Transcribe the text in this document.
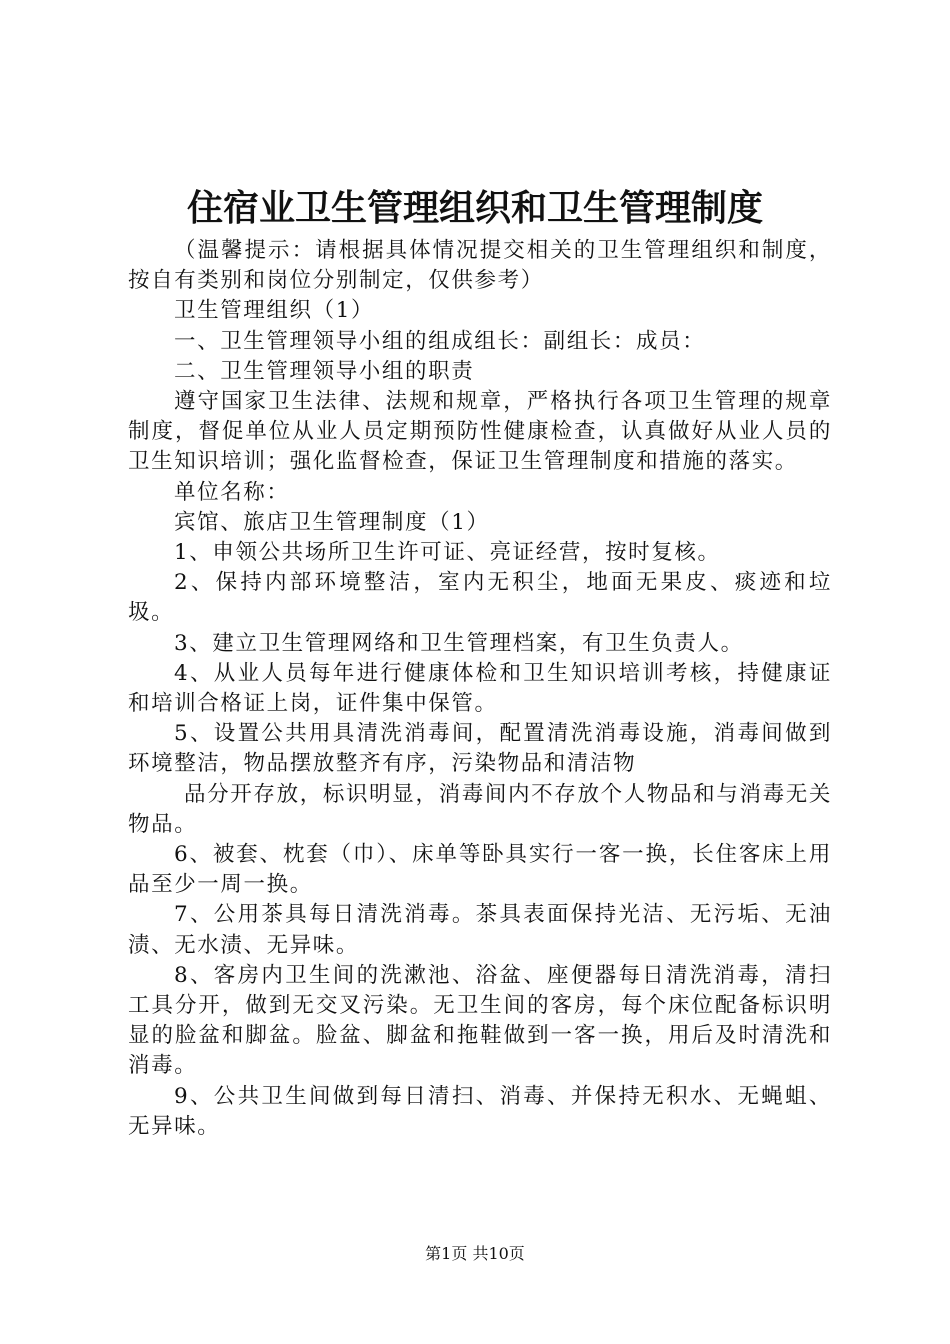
住宿业卫生管理组织和卫生管理制度

（温馨提示：请根据具体情况提交相关的卫生管理组织和制度，按自有类别和岗位分别制定，仅供参考）

卫生管理组织（1）

一、卫生管理领导小组的组成组长：副组长：成员：

二、卫生管理领导小组的职责

遵守国家卫生法律、法规和规章，严格执行各项卫生管理的规章制度，督促单位从业人员定期预防性健康检查，认真做好从业人员的卫生知识培训；强化监督检查，保证卫生管理制度和措施的落实。

单位名称：

宾馆、旅店卫生管理制度（1）

1、申领公共场所卫生许可证、亮证经营，按时复核。

2、保持内部环境整洁，室内无积尘，地面无果皮、痰迹和垃圾。

3、建立卫生管理网络和卫生管理档案，有卫生负责人。

4、从业人员每年进行健康体检和卫生知识培训考核，持健康证和培训合格证上岗，证件集中保管。

5、设置公共用具清洗消毒间，配置清洗消毒设施，消毒间做到环境整洁，物品摆放整齐有序，污染物品和清洁物

品分开存放，标识明显，消毒间内不存放个人物品和与消毒无关物品。

6、被套、枕套（巾）、床单等卧具实行一客一换，长住客床上用品至少一周一换。

7、公用茶具每日清洗消毒。茶具表面保持光洁、无污垢、无油渍、无水渍、无异味。

8、客房内卫生间的洗漱池、浴盆、座便器每日清洗消毒，清扫工具分开，做到无交叉污染。无卫生间的客房，每个床位配备标识明显的脸盆和脚盆。脸盆、脚盆和拖鞋做到一客一换，用后及时清洗和消毒。

9、公共卫生间做到每日清扫、消毒、并保持无积水、无蝇蛆、无异味。

第1页 共10页
